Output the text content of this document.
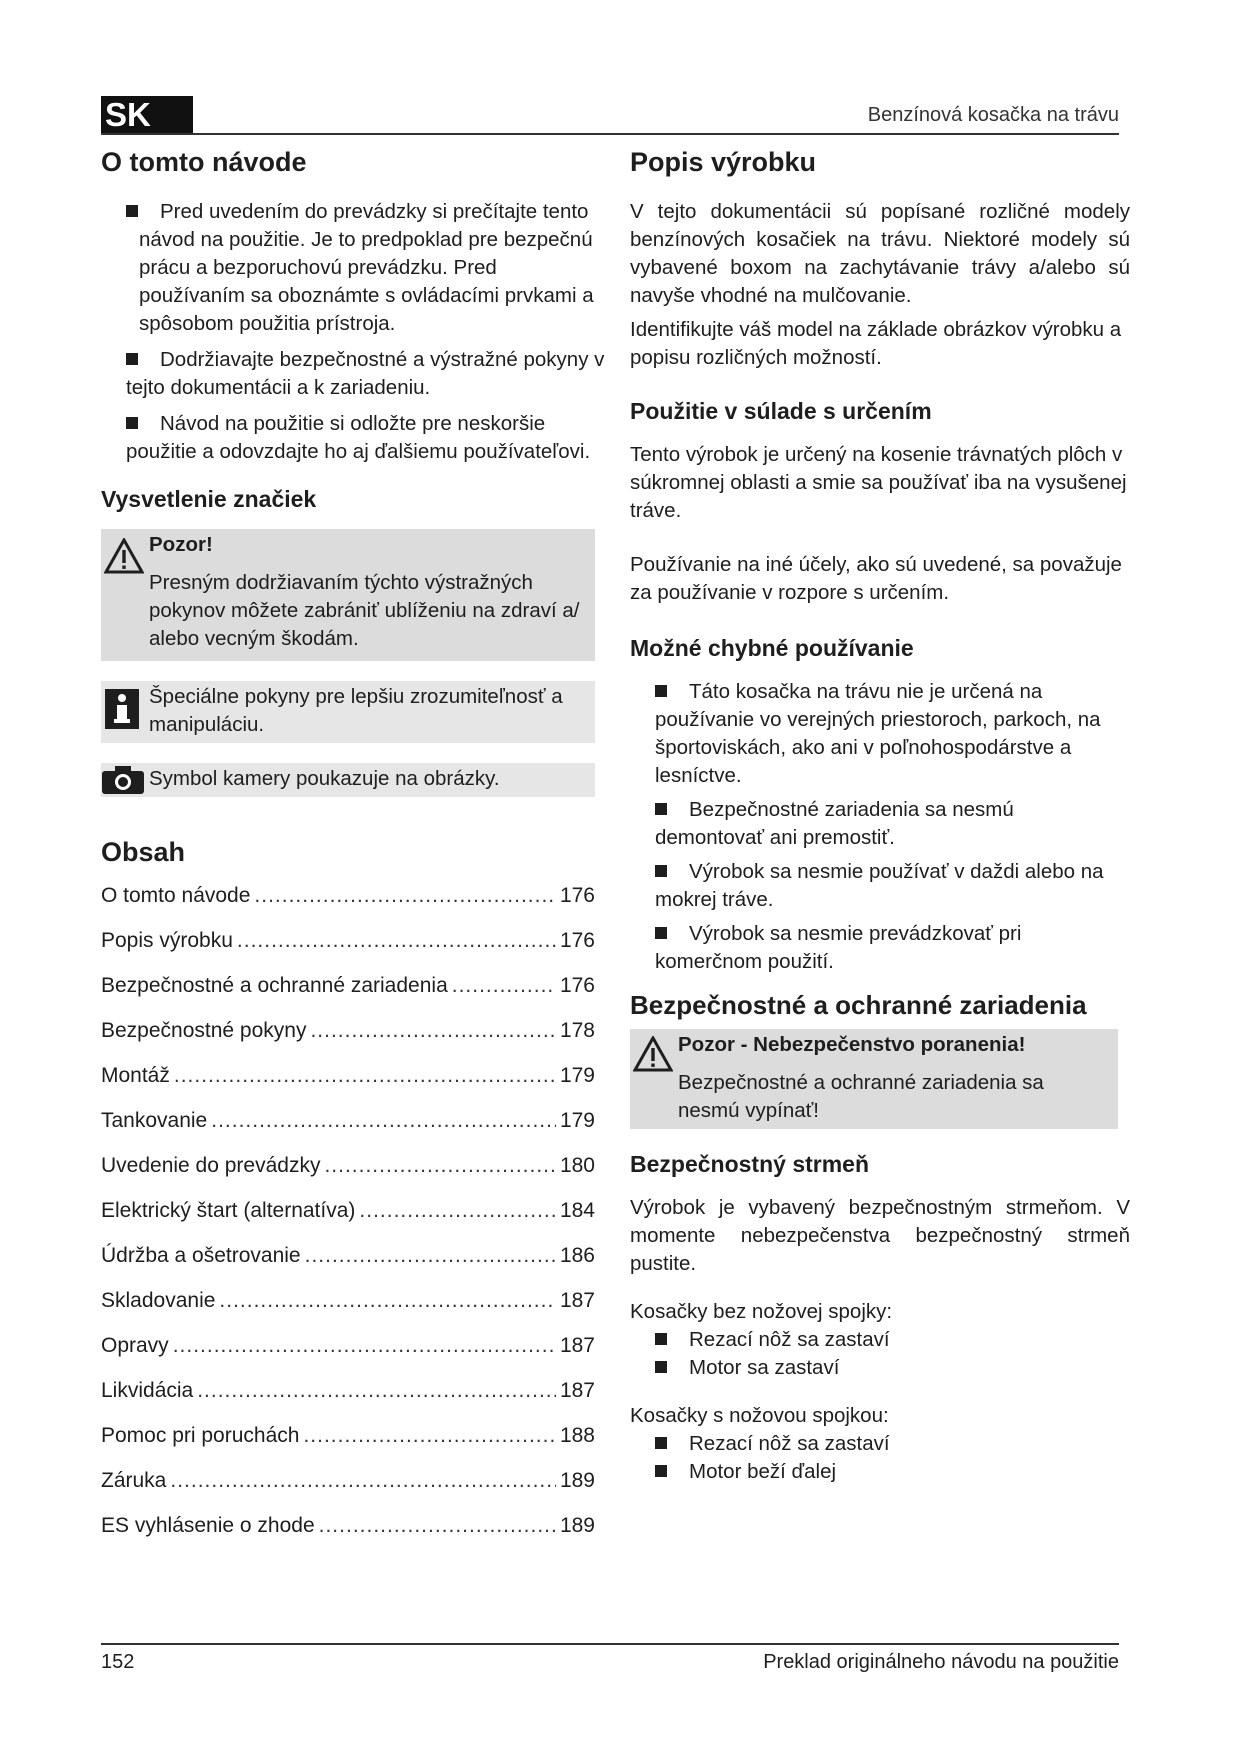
SK	Benzínová kosačka na trávu
O tomto návode
Pred uvedením do prevádzky si prečítajte tento návod na použitie. Je to predpoklad pre bezpečnú prácu a bezporuchovú prevádzku. Pred používaním sa oboznámte s ovládacími prvkami a spôsobom použitia prístroja.
Dodržiavajte bezpečnostné a výstražné pokyny v tejto dokumentácii a k zariadeniu.
Návod na použitie si odložte pre neskoršie použitie a odovzdajte ho aj ďalšiemu používateľovi.
Vysvetlenie značiek

Pozor!

Presným dodržiavaním týchto výstražných pokynov môžete zabrániť ublíženiu na zdraví a/ alebo vecným škodám.

Špeciálne pokyny pre lepšiu zrozumiteľnosť a manipuláciu.

Symbol kamery poukazuje na obrázky.

Obsah
O tomto návode .....	176
Popis výrobku .....	176
Bezpečnostné a ochranné zariadenia .....	176
Bezpečnostné pokyny .....	178
Montáž .....	179
Tankovanie .....	179
Uvedenie do prevádzky .....	180
Elektrický štart (alternatíva) .....	184
Údržba a ošetrovanie .....	186
Skladovanie .....	187
Opravy .....	187
Likvidácia .....	187
Pomoc pri poruchách .....	188
Záruka .....	189
ES vyhlásenie o zhode .....	189
Popis výrobku

V tejto dokumentácii sú popísané rozličné modely benzínových kosačiek na trávu. Niektoré modely sú vybavené boxom na zachytávanie trávy a/alebo sú navyše vhodné na mulčovanie.

Identifikujte váš model na základe obrázkov výrobku a popisu rozličných možností.

Použitie v súlade s určením

Tento výrobok je určený na kosenie trávnatých plôch v súkromnej oblasti a smie sa používať iba na vysušenej tráve.

Používanie na iné účely, ako sú uvedené, sa považuje za používanie v rozpore s určením.

Možné chybné používanie
Táto kosačka na trávu nie je určená na používanie vo verejných priestoroch, parkoch, na športoviskách, ako ani v poľnohospodárstve a lesníctve.
Bezpečnostné zariadenia sa nesmú demontovať ani premostiť.
Výrobok sa nesmie používať v daždi alebo na mokrej tráve.
Výrobok sa nesmie prevádzkovať pri komerčnom použití.
Bezpečnostné a ochranné zariadenia

Pozor - Nebezpečenstvo poranenia!

Bezpečnostné a ochranné zariadenia sa nesmú vypínať!

Bezpečnostný strmeň

Výrobok je vybavený bezpečnostným strmeňom. V momente nebezpečenstva bezpečnostný strmeň pustite.

Kosačky bez nožovej spojky:

Rezací nôž sa zastaví
Motor sa zastaví

Kosačky s nožovou spojkou:

Rezací nôž sa zastaví
Motor beží ďalej
152	Preklad originálneho návodu na použitie
